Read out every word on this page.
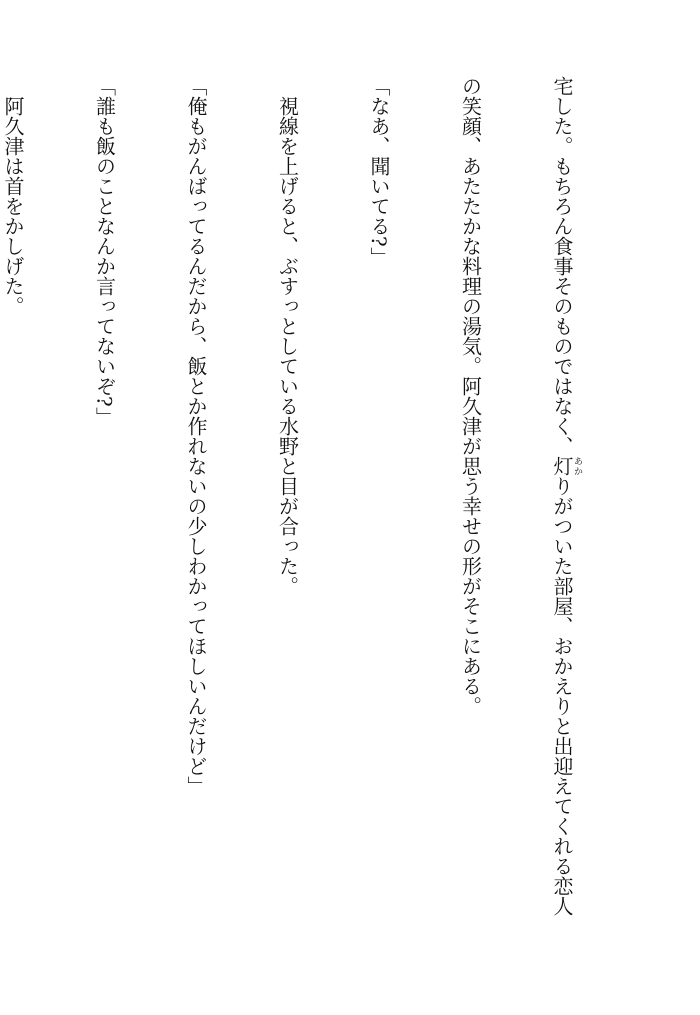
宅した。もちろん食事そのものではなく、灯あかりがついた部屋、おかえりと出迎えてくれる恋人

の笑顔、あたたかな料理の湯気。阿久津が思う幸せの形がそこにある。

「なあ、聞いてる?」

視線を上げると、ぶすっとしている水野と目が合った。

「俺もがんばってるんだから、飯とか作れないの少しわかってほしいんだけど」

「誰も飯のことなんか言ってないぞ?」

阿久津は首をかしげた。
